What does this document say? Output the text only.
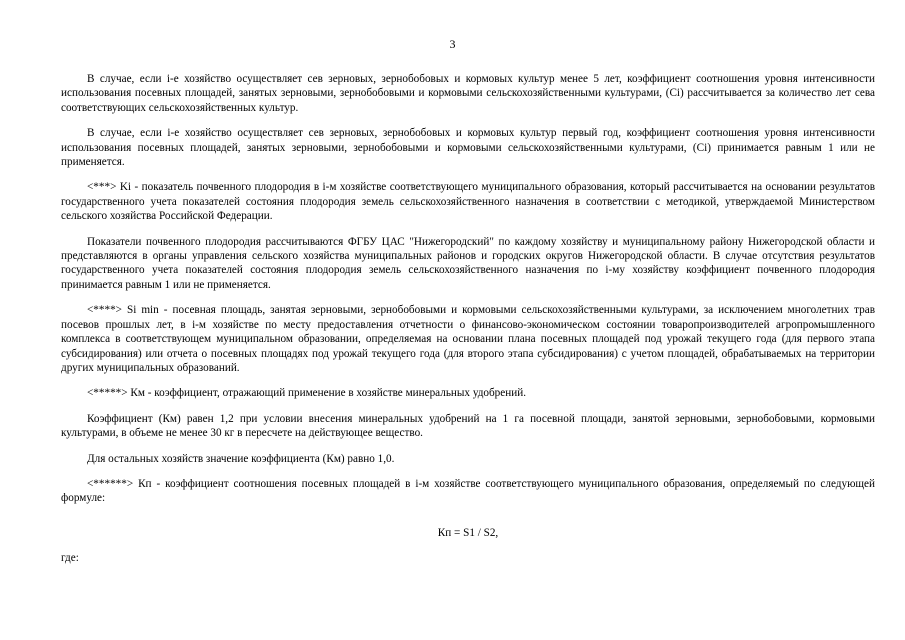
3

В случае, если i-е хозяйство осуществляет сев зерновых, зернобобовых и кормовых культур менее 5 лет, коэффициент соотношения уровня интенсивности использования посевных площадей, занятых зерновыми, зернобобовыми и кормовыми сельскохозяйственными культурами, (Ci) рассчитывается за количество лет сева соответствующих сельскохозяйственных культур.

В случае, если i-е хозяйство осуществляет сев зерновых, зернобобовых и кормовых культур первый год, коэффициент соотношения уровня интенсивности использования посевных площадей, занятых зерновыми, зернобобовыми и кормовыми сельскохозяйственными культурами, (Ci) принимается равным 1 или не применяется.

<***> Ki - показатель почвенного плодородия в i-м хозяйстве соответствующего муниципального образования, который рассчитывается на основании результатов государственного учета показателей состояния плодородия земель сельскохозяйственного назначения в соответствии с методикой, утверждаемой Министерством сельского хозяйства Российской Федерации.

Показатели почвенного плодородия рассчитываются ФГБУ ЦАС "Нижегородский" по каждому хозяйству и муниципальному району Нижегородской области и представляются в органы управления сельского хозяйства муниципальных районов и городских округов Нижегородской области. В случае отсутствия результатов государственного учета показателей состояния плодородия земель сельскохозяйственного назначения по i-му хозяйству коэффициент почвенного плодородия принимается равным 1 или не применяется.

<****> Si min - посевная площадь, занятая зерновыми, зернобобовыми и кормовыми сельскохозяйственными культурами, за исключением многолетних трав посевов прошлых лет, в i-м хозяйстве по месту предоставления отчетности о финансово-экономическом состоянии товаропроизводителей агропромышленного комплекса в соответствующем муниципальном образовании, определяемая на основании плана посевных площадей под урожай текущего года (для первого этапа субсидирования) или отчета о посевных площадях под урожай текущего года (для второго этапа субсидирования) с учетом площадей, обрабатываемых на территории других муниципальных образований.

<*****> Км - коэффициент, отражающий применение в хозяйстве минеральных удобрений.

Коэффициент (Км) равен 1,2 при условии внесения минеральных удобрений на 1 га посевной площади, занятой зерновыми, зернобобовыми, кормовыми культурами, в объеме не менее 30 кг в пересчете на действующее вещество.

Для остальных хозяйств значение коэффициента (Км) равно 1,0.

<******> Кп - коэффициент соотношения посевных площадей в i-м хозяйстве соответствующего муниципального образования, определяемый по следующей формуле:

Кп = S1 / S2,

где:
